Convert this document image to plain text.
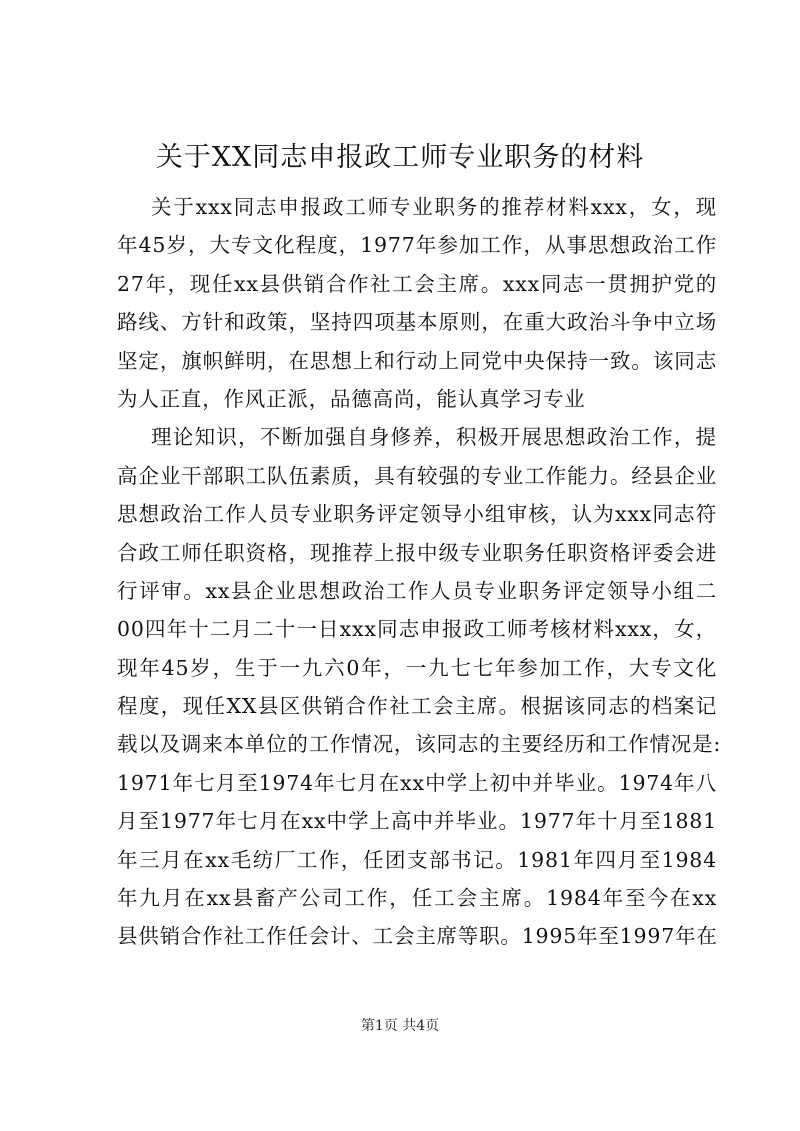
关于XX同志申报政工师专业职务的材料
关于xxx同志申报政工师专业职务的推荐材料xxx，女，现
年45岁，大专文化程度，1977年参加工作，从事思想政治工作
27年，现任xx县供销合作社工会主席。xxx同志一贯拥护党的
路线、方针和政策，坚持四项基本原则，在重大政治斗争中立场
坚定，旗帜鲜明，在思想上和行动上同党中央保持一致。该同志
为人正直，作风正派，品德高尚，能认真学习专业
理论知识，不断加强自身修养，积极开展思想政治工作，提
高企业干部职工队伍素质，具有较强的专业工作能力。经县企业
思想政治工作人员专业职务评定领导小组审核，认为xxx同志符
合政工师任职资格，现推荐上报中级专业职务任职资格评委会进
行评审。xx县企业思想政治工作人员专业职务评定领导小组二
00四年十二月二十一日xxx同志申报政工师考核材料xxx，女，
现年45岁，生于一九六0年，一九七七年参加工作，大专文化
程度，现任XX县区供销合作社工会主席。根据该同志的档案记
载以及调来本单位的工作情况，该同志的主要经历和工作情况是:
1971年七月至1974年七月在xx中学上初中并毕业。1974年八
月至1977年七月在xx中学上高中并毕业。1977年十月至1881
年三月在xx毛纺厂工作，任团支部书记。1981年四月至1984
年九月在xx县畜产公司工作，任工会主席。1984年至今在xx
县供销合作社工作任会计、工会主席等职。1995年至1997年在
第1页 共4页
